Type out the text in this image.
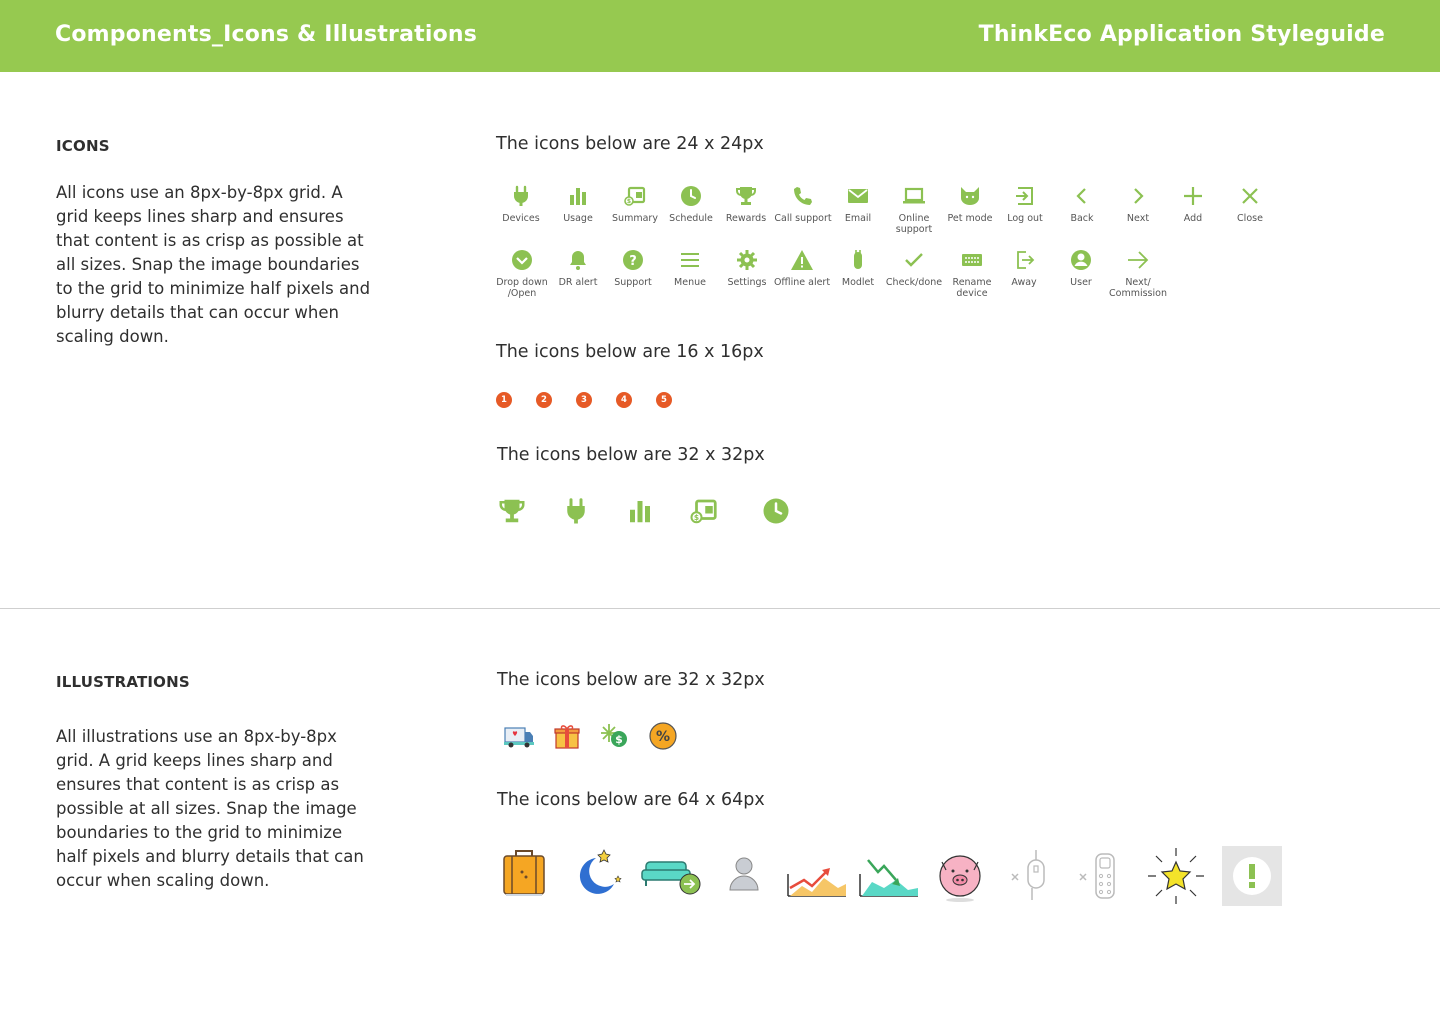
Components_Icons & Illustrations	ThinkEco Application Styleguide
ICONS
All icons use an 8px-by-8px grid. A grid keeps lines sharp and ensures that content is as crisp as possible at all sizes. Snap the image boundaries to the grid to minimize half pixels and blurry details that can occur when scaling down.
The icons below are 24 x 24px
Devices	Usage
$
Summary	Schedule	Rewards Call support	Email	Online support
Pet mode	Log out	Back	Next	Add	Close
Drop down /Open
DR alert
?
Support	Menue	Settings Offline alert	Modlet	Check/done	Rename device
Away	User	Next/ Commission
The icons below are 16 x 16px
1	2	3	4	5
The icons below are 32 x 32px
$
ILLUSTRATIONS
All illustrations use an 8px-by-8px grid. A grid keeps lines sharp and ensures that content is as crisp as possible at all sizes. Snap the image boundaries to the grid to minimize half pixels and blurry details that can occur when scaling down.
The icons below are 32 x 32px
$ %
The icons below are 64 x 64px
